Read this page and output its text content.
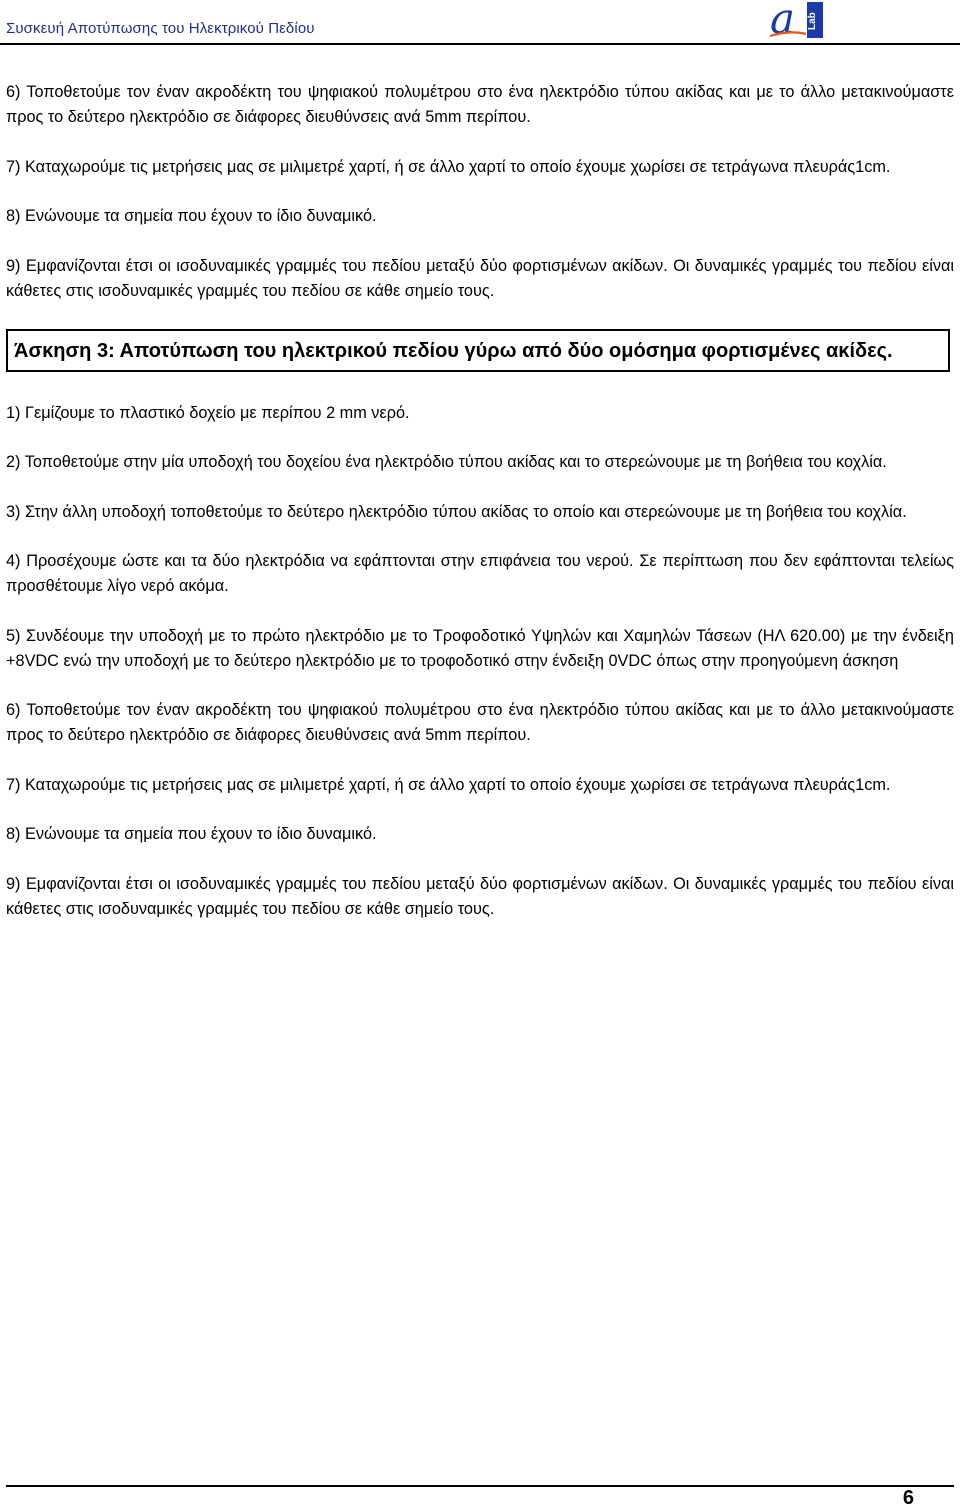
Συσκευή Αποτύπωσης του Ηλεκτρικού Πεδίου	a Lab

6) Τοποθετούμε τον έναν ακροδέκτη του ψηφιακού πολυμέτρου στο ένα ηλεκτρόδιο τύπου ακίδας και με το άλλο μετακινούμαστε προς το δεύτερο ηλεκτρόδιο σε διάφορες διευθύνσεις ανά 5mm περίπου.

7) Καταχωρούμε τις μετρήσεις μας σε μιλιμετρέ χαρτί, ή σε άλλο χαρτί το οποίο έχουμε χωρίσει σε τετράγωνα πλευράς1cm.

8) Ενώνουμε τα σημεία που έχουν το ίδιο δυναμικό.

9) Εμφανίζονται έτσι οι ισοδυναμικές γραμμές του πεδίου μεταξύ δύο φορτισμένων ακίδων. Οι δυναμικές γραμμές του πεδίου είναι κάθετες στις ισοδυναμικές γραμμές του πεδίου σε κάθε σημείο τους.

Άσκηση 3: Αποτύπωση του ηλεκτρικού πεδίου γύρω από δύο ομόσημα φορτισμένες ακίδες.

1) Γεμίζουμε το πλαστικό δοχείο με περίπου 2 mm νερό.

2) Τοποθετούμε στην μία υποδοχή του δοχείου ένα ηλεκτρόδιο τύπου ακίδας και το στερεώνουμε με τη βοήθεια του κοχλία.

3) Στην άλλη υποδοχή τοποθετούμε το δεύτερο ηλεκτρόδιο τύπου ακίδας το οποίο και στερεώνουμε με τη βοήθεια του κοχλία.

4) Προσέχουμε ώστε και τα δύο ηλεκτρόδια να εφάπτονται στην επιφάνεια του νερού. Σε περίπτωση που δεν εφάπτονται τελείως προσθέτουμε λίγο νερό ακόμα.

5) Συνδέουμε την υποδοχή με το πρώτο ηλεκτρόδιο με το Τροφοδοτικό Υψηλών και Χαμηλών Τάσεων (ΗΛ 620.00) με την ένδειξη +8VDC ενώ την υποδοχή με το δεύτερο ηλεκτρόδιο με το τροφοδοτικό στην ένδειξη 0VDC όπως στην προηγούμενη άσκηση

6) Τοποθετούμε τον έναν ακροδέκτη του ψηφιακού πολυμέτρου στο ένα ηλεκτρόδιο τύπου ακίδας και με το άλλο μετακινούμαστε προς το δεύτερο ηλεκτρόδιο σε διάφορες διευθύνσεις ανά 5mm περίπου.

7) Καταχωρούμε τις μετρήσεις μας σε μιλιμετρέ χαρτί, ή σε άλλο χαρτί το οποίο έχουμε χωρίσει σε τετράγωνα πλευράς1cm.

8) Ενώνουμε τα σημεία που έχουν το ίδιο δυναμικό.

9) Εμφανίζονται έτσι οι ισοδυναμικές γραμμές του πεδίου μεταξύ δύο φορτισμένων ακίδων. Οι δυναμικές γραμμές του πεδίου είναι κάθετες στις ισοδυναμικές γραμμές του πεδίου σε κάθε σημείο τους.

6
